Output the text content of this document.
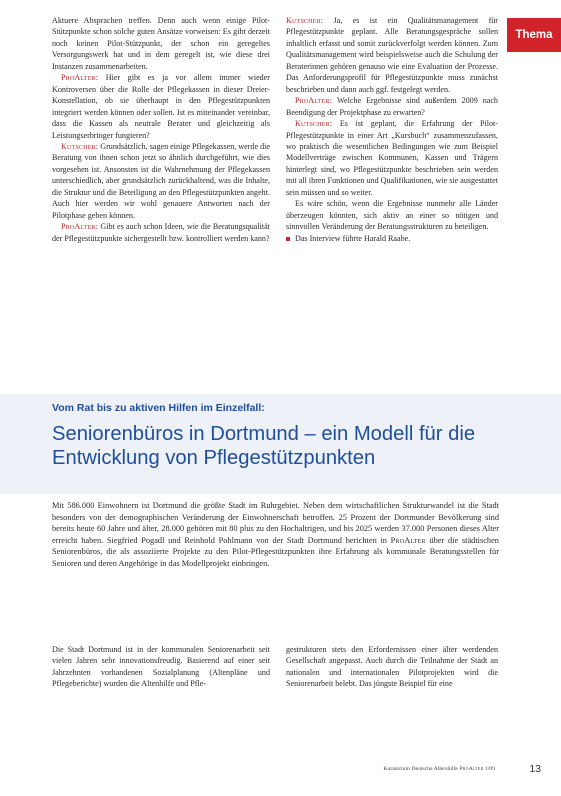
Thema

Aktuere Absprachen treffen. Denn auch wenn einige Pilot-Stützpunkte schon solche guten Ansätze vorweisen: Es gibt derzeit noch keinen Pilot-Stützpunkt, der schon ein geregeltes Versorgungswerk hat und in dem geregelt ist, wie diese drei Instanzen zusammenarbeiten.

ProAlter: Hier gibt es ja vor allem immer wieder Kontroversen über die Rolle der Pflegekassen in dieser Dreier-Konstellation, ob sie überhaupt in den Pflegestützpunkten integriert werden können oder sollen. Ist es miteinander vereinbar, dass die Kassen als neutrale Berater und gleichzeitig als Leistungserbringer fungieren?

Kutscher: Grundsätzlich, sagen einige Pflegekassen, werde die Beratung von ihnen schon jetzt so ähnlich durchgeführt, wie dies vorgesehen ist. Ansonsten ist die Wahrnehmung der Pflegekassen unterschiedlich, aber grundsätzlich zurückhaltend, was die Inhalte, die Struktur und die Beteiligung an den Pflegestützpunkten angeht. Auch hier werden wir wohl genauere Antworten nach der Pilotphase geben können.

ProAlter: Gibt es auch schon Ideen, wie die Beratungsqualität der Pflegestützpunkte sichergestellt bzw. kontrolliert werden kann?

Kutscher: Ja, es ist ein Qualitätsmanagement für Pflegestützpunkte geplant. Alle Beratungsgespräche sollen inhaltlich erfasst und somit zurückverfolgt werden können. Zum Qualitätsmanagement wird beispielsweise auch die Schulung der Beraterinnen gehören genauso wie eine Evaluation der Prozesse. Das Anforderungsprofil für Pflegestützpunkte muss zunächst beschrieben und dann auch ggf. festgelegt werden.

ProAlter: Welche Ergebnisse sind außerdem 2009 nach Beendigung der Projektphase zu erwarten?

Kutscher: Es ist geplant, die Erfahrung der Pilot-Pflegestützpunkte in einer Art „Kursbuch“ zusammenzufassen, wo praktisch die wesentlichen Bedingungen wie zum Beispiel Modellverträge zwischen Kommunen, Kassen und Trägern hinterlegt sind, wo Pflegestützpunkte beschrieben sein werden mit all ihren Funktionen und Qualifikationen, wie sie ausgestattet sein müssen und so weiter.

Es wäre schön, wenn die Ergebnisse nunmehr alle Länder überzeugen könnten, sich aktiv an einer so nötigen und sinnvollen Veränderung der Beratungsstrukturen zu beteiligen.

Das Interview führte Harald Raabe.

Vom Rat bis zu aktiven Hilfen im Einzelfall:
Seniorenbüros in Dortmund – ein Modell für die Entwicklung von Pflegestützpunkten
Mit 586.000 Einwohnern ist Dortmund die größte Stadt im Ruhrgebiet. Neben dem wirtschaftlichen Strukturwandel ist die Stadt besonders von der demographischen Veränderung der Einwohnerschaft betroffen. 25 Prozent der Dortmunder Bevölkerung sind bereits heute 60 Jahre und älter, 28.000 gehören mit 80 plus zu den Hochaltrigen, und bis 2025 werden 37.000 Personen dieses Alter erreicht haben. Siegfried Pogadl und Reinhold Pohlmann von der Stadt Dortmund berichten in ProAlter über die städtischen Seniorenbüros, die als assoziierte Projekte zu den Pilot-Pflegestützpunkten ihre Erfahrung als kommunale Beratungsstellen für Senioren und deren Angehörige in das Modellprojekt einbringen.

Die Stadt Dortmund ist in der kommunalen Seniorenarbeit seit vielen Jahren sehr innovationsfreudig. Basierend auf einer seit Jahrzehnten vorhandenen Sozialplanung (Altenpläne und Pflegeberichte) wurden die Altenhilfe und Pfle-

gestrukturen stets den Erfordernissen einer älter werdenden Gesellschaft angepasst. Auch durch die Teilnahme der Stadt an nationalen und internationalen Pilotprojekten wird die Seniorenarbeit belebt. Das jüngste Beispiel für eine

Kuratorium Deutsche Altershilfe ProAlter 1/09	13
